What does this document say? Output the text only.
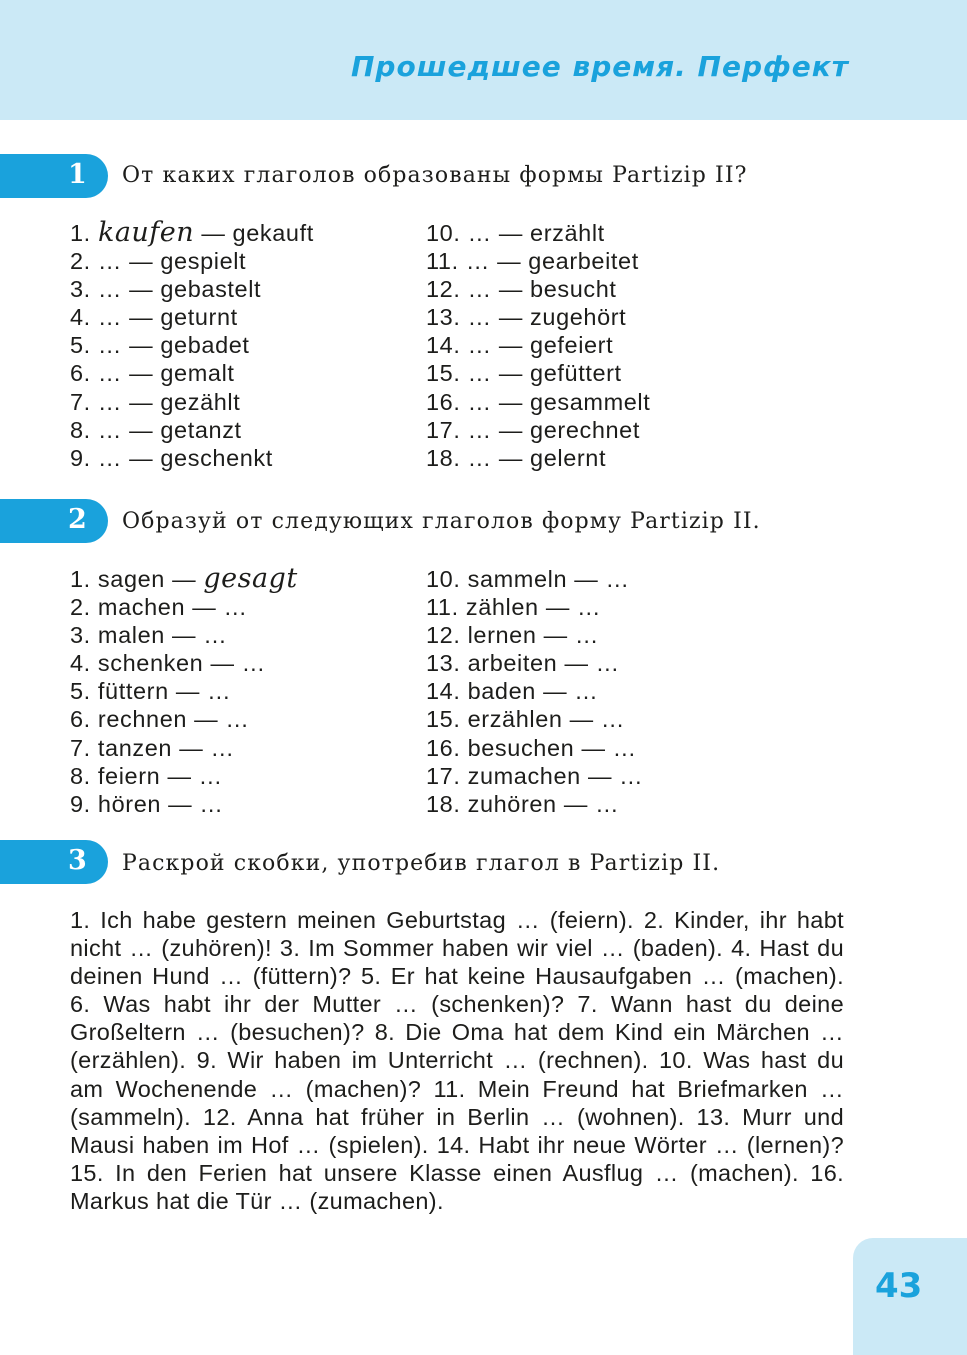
Прошедшее время. Перфект
1 От каких глаголов образованы формы Partizip II?
1. kaufen — gekauft
2. … — gespielt
3. … — gebastelt
4. … — geturnt
5. … — gebadet
6. … — gemalt
7. … — gezählt
8. … — getanzt
9. … — geschenkt
10. … — erzählt
11. … — gearbeitet
12. … — besucht
13. … — zugehört
14. … — gefeiert
15. … — gefüttert
16. … — gesammelt
17. … — gerechnet
18. … — gelernt
2 Образуй от следующих глаголов форму Partizip II.
1. sagen — gesagt
2. machen — …
3. malen — …
4. schenken — …
5. füttern — …
6. rechnen — …
7. tanzen — …
8. feiern — …
9. hören — …
10. sammeln — …
11. zählen — …
12. lernen — …
13. arbeiten — …
14. baden — …
15. erzählen — …
16. besuchen — …
17. zumachen — …
18. zuhören — …
3 Раскрой скобки, употребив глагол в Partizip II.
1. Ich habe gestern meinen Geburtstag … (feiern). 2. Kinder, ihr habt nicht … (zuhören)! 3. Im Sommer haben wir viel … (baden). 4. Hast du deinen Hund … (füttern)? 5. Er hat keine Hausaufgaben … (machen). 6. Was habt ihr der Mutter … (schenken)? 7. Wann hast du deine Großeltern … (besuchen)? 8. Die Oma hat dem Kind ein Märchen … (erzählen). 9. Wir haben im Unterricht … (rechnen). 10. Was hast du am Wochenende … (machen)? 11. Mein Freund hat Briefmarken … (sammeln). 12. Anna hat früher in Berlin … (wohnen). 13. Murr und Mausi haben im Hof … (spielen). 14. Habt ihr neue Wörter … (lernen)? 15. In den Ferien hat unsere Klasse einen Ausflug … (machen). 16. Markus hat die Tür … (zumachen).
43
